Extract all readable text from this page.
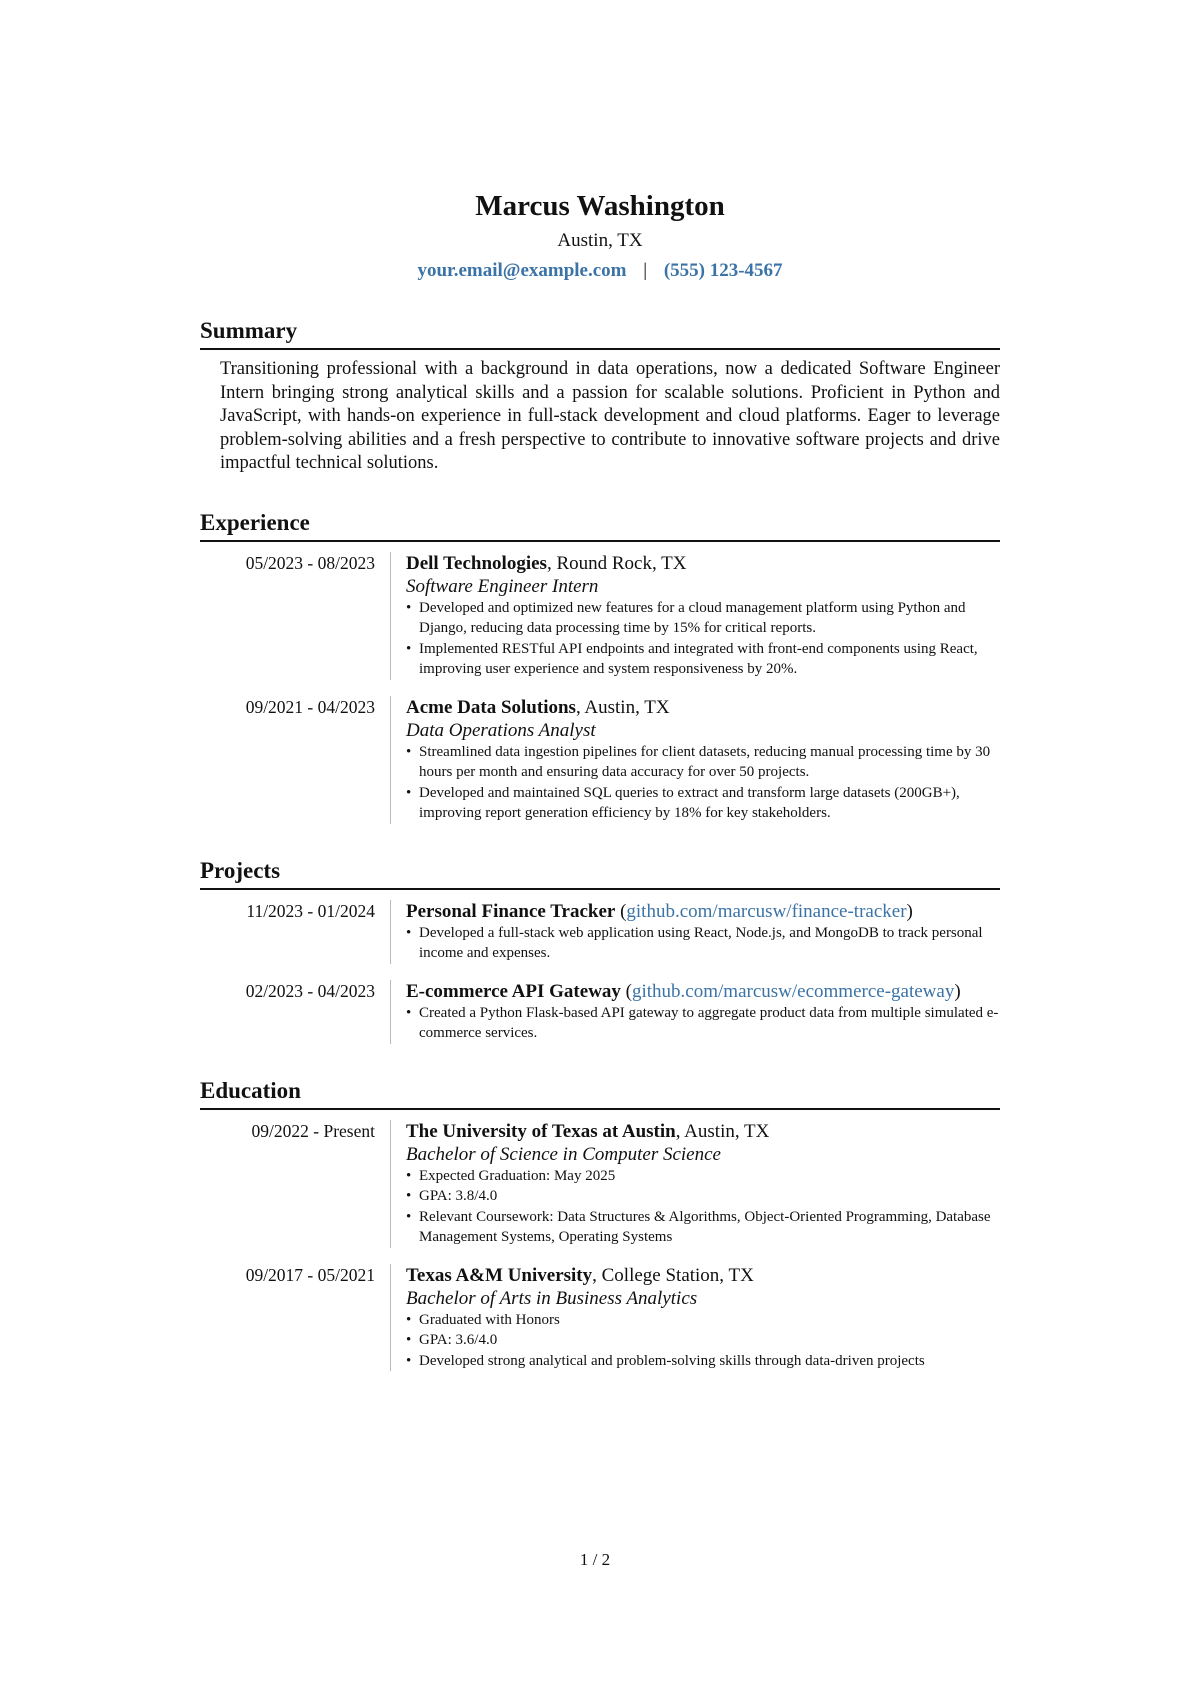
Marcus Washington
Austin, TX
your.email@example.com | (555) 123-4567
Summary

Transitioning professional with a background in data operations, now a dedicated Software Engineer Intern bringing strong analytical skills and a passion for scalable solutions. Proficient in Python and JavaScript, with hands-on experience in full-stack development and cloud platforms. Eager to leverage problem-solving abilities and a fresh perspective to contribute to innovative software projects and drive impactful technical solutions.

Experience
05/2023 - 08/2023	Dell Technologies, Round Rock, TX
Software Engineer Intern
• Developed and optimized new features for a cloud management platform using Python and Django, reducing data processing time by 15% for critical reports.
• Implemented RESTful API endpoints and integrated with front-end components using React, improving user experience and system responsiveness by 20%.
09/2021 - 04/2023	Acme Data Solutions, Austin, TX
Data Operations Analyst
• Streamlined data ingestion pipelines for client datasets, reducing manual processing time by 30 hours per month and ensuring data accuracy for over 50 projects.
• Developed and maintained SQL queries to extract and transform large datasets (200GB+), improving report generation efficiency by 18% for key stakeholders.
Projects
11/2023 - 01/2024	Personal Finance Tracker (github.com/marcusw/finance-tracker)
• Developed a full-stack web application using React, Node.js, and MongoDB to track personal income and expenses.
02/2023 - 04/2023	E-commerce API Gateway (github.com/marcusw/ecommerce-gateway)
• Created a Python Flask-based API gateway to aggregate product data from multiple simulated e-commerce services.
Education
09/2022 - Present	The University of Texas at Austin, Austin, TX
Bachelor of Science in Computer Science
• Expected Graduation: May 2025
• GPA: 3.8/4.0
• Relevant Coursework: Data Structures & Algorithms, Object-Oriented Programming, Database Management Systems, Operating Systems
09/2017 - 05/2021	Texas A&M University, College Station, TX
Bachelor of Arts in Business Analytics
• Graduated with Honors
• GPA: 3.6/4.0
• Developed strong analytical and problem-solving skills through data-driven projects
1 / 2
